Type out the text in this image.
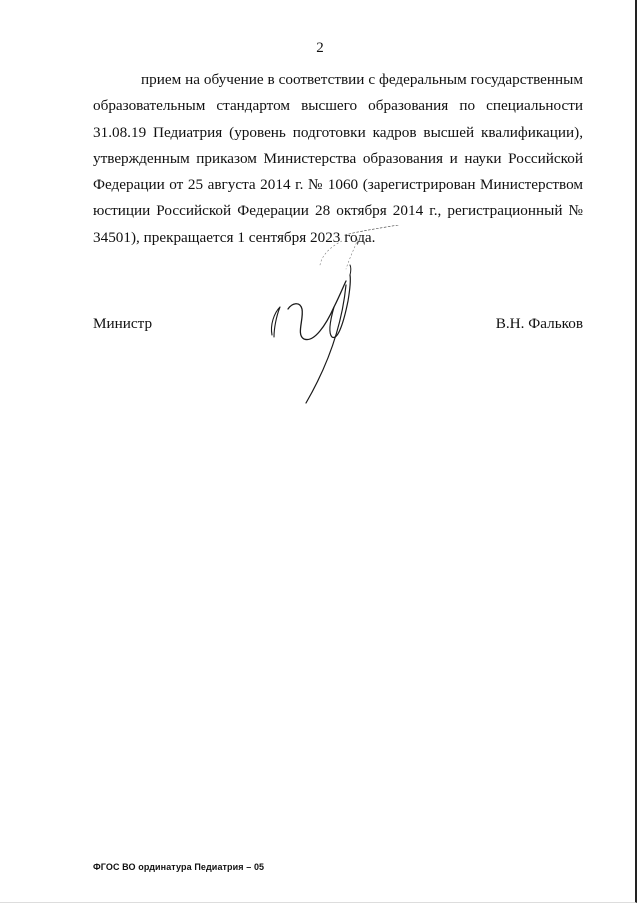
2

прием на обучение в соответствии с федеральным государственным образовательным стандартом высшего образования по специальности 31.08.19 Педиатрия (уровень подготовки кадров высшей квалификации), утвержденным приказом Министерства образования и науки Российской Федерации от 25 августа 2014 г. № 1060 (зарегистрирован Министерством юстиции Российской Федерации 28 октября 2014 г., регистрационный № 34501), прекращается 1 сентября 2023 года.

Министр	В.Н. Фальков
ФГОС ВО ординатура Педиатрия – 05
